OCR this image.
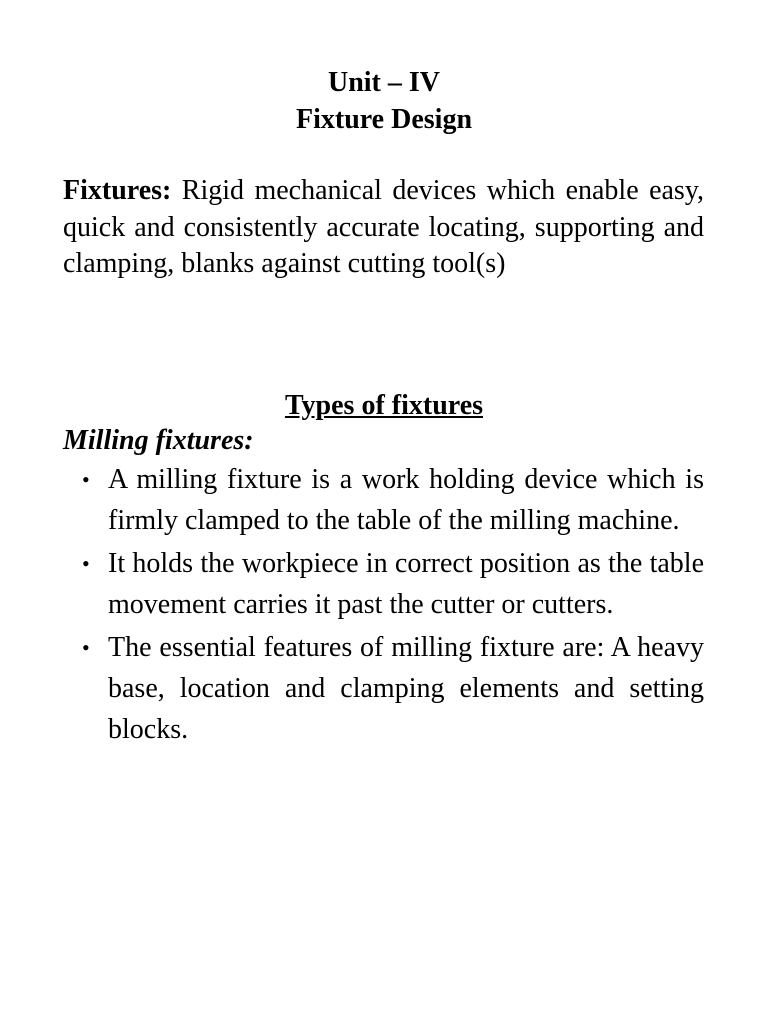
Unit – IV
Fixture Design

Fixtures: Rigid mechanical devices which enable easy, quick and consistently accurate locating, supporting and clamping, blanks against cutting tool(s)

Types of fixtures
Milling fixtures:
• A milling fixture is a work holding device which is firmly clamped to the table of the milling machine.
• It holds the workpiece in correct position as the table movement carries it past the cutter or cutters.
• The essential features of milling fixture are: A heavy base, location and clamping elements and setting blocks.
